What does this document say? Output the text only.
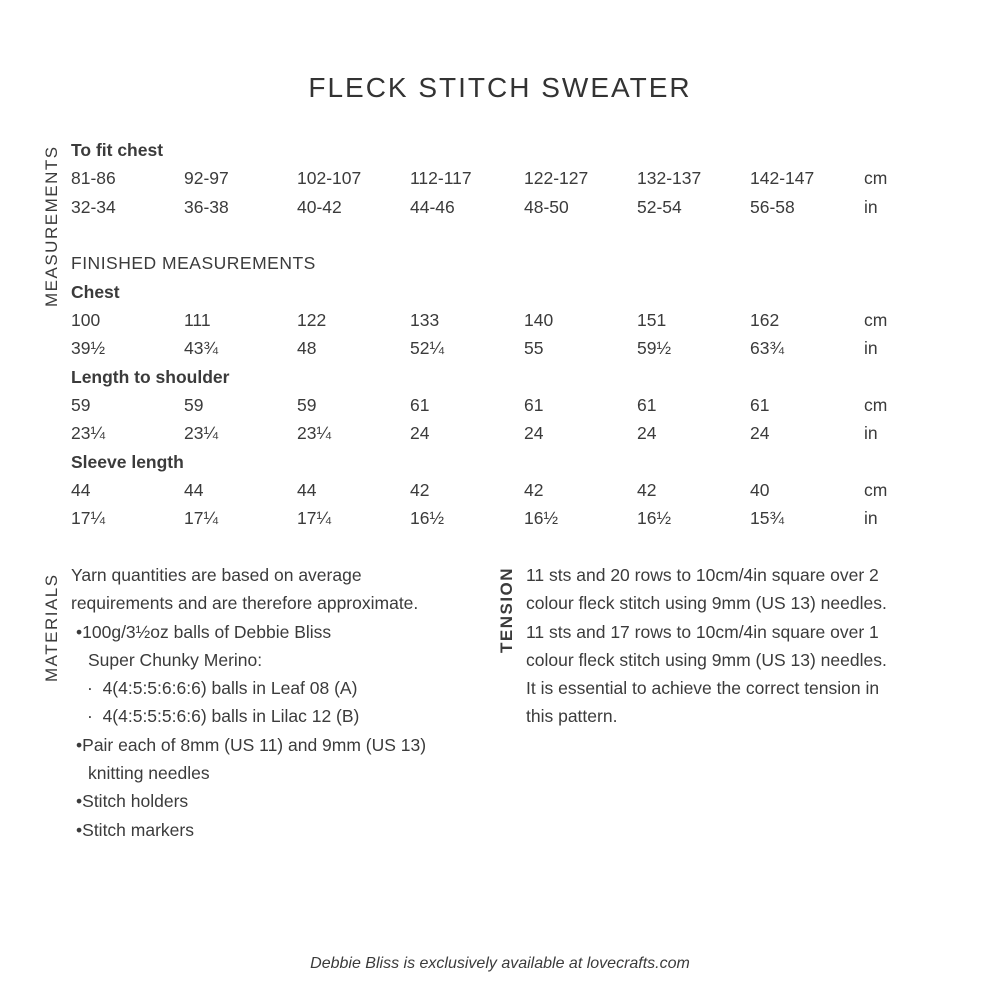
FLECK STITCH SWEATER
MEASUREMENTS
MATERIALS	TENSION
To fit chest
81-86	92-97	102-107	112-117	122-127	132-137	142-147	cm
32-34	36-38	40-42	44-46	48-50	52-54	56-58	in
FINISHED MEASUREMENTS
Chest
100	111	122	133	140	151	162	cm
39½	43¾	48	52¼	55	59½	63¾	in
Length to shoulder
59	59	59	61	61	61	61	cm
23¼	23¼	23¼	24	24	24	24	in
Sleeve length
44	44	44	42	42	42	40	cm
17¼	17¼	17¼	16½	16½	16½	15¾	in
Yarn quantities are based on average
requirements and are therefore approximate.
•100g/3½oz balls of Debbie Bliss
Super Chunky Merino:
·  4(4:5:5:6:6:6) balls in Leaf 08 (A)
·  4(4:5:5:5:6:6) balls in Lilac 12 (B)
•Pair each of 8mm (US 11) and 9mm (US 13)
knitting needles
•Stitch holders
•Stitch markers
11 sts and 20 rows to 10cm/4in square over 2
colour fleck stitch using 9mm (US 13) needles.
11 sts and 17 rows to 10cm/4in square over 1
colour fleck stitch using 9mm (US 13) needles.
It is essential to achieve the correct tension in
this pattern.
Debbie Bliss is exclusively available at lovecrafts.com
